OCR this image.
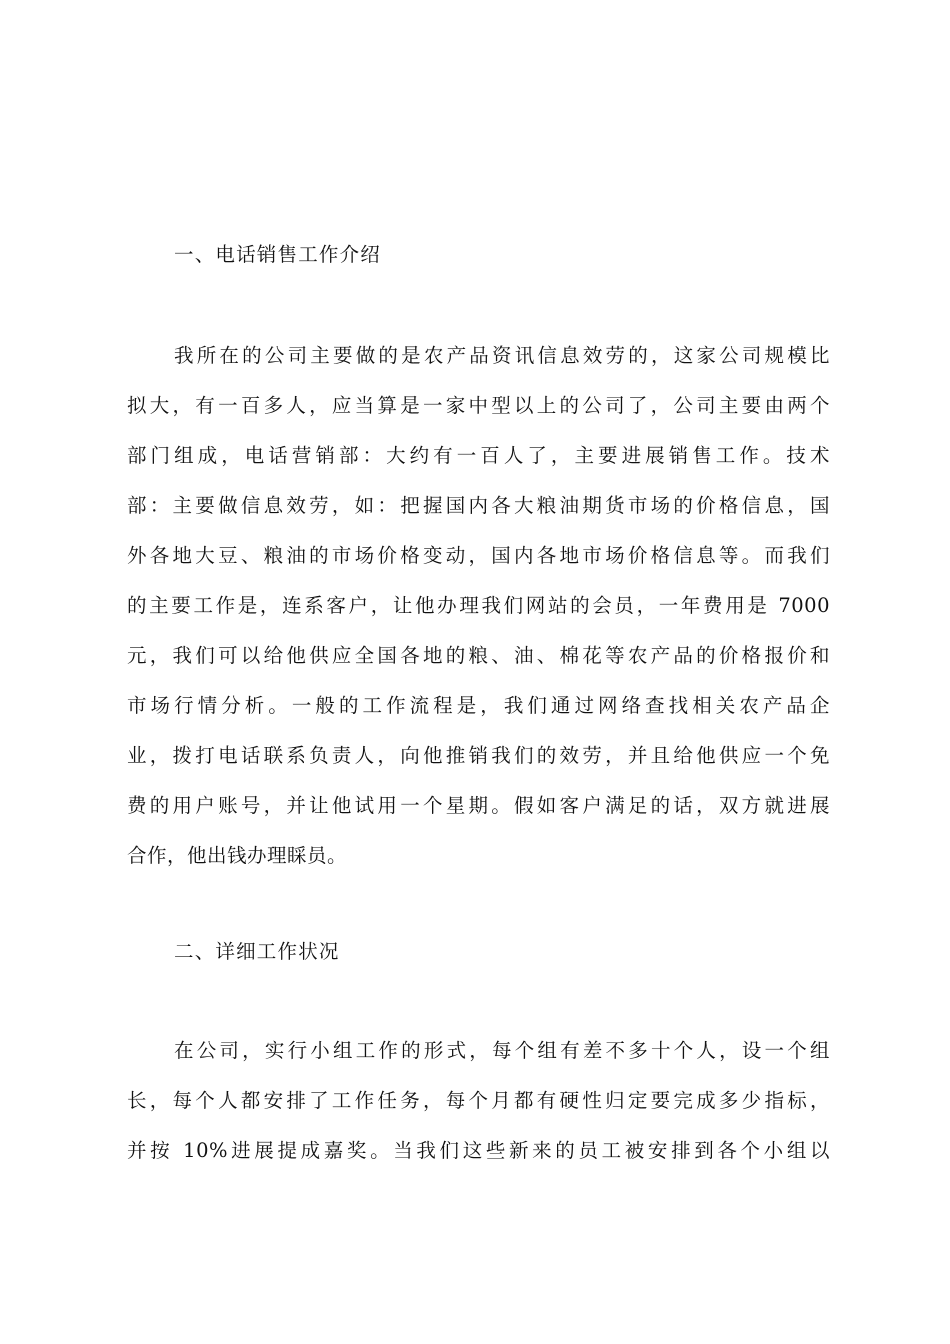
一、电话销售工作介绍
我所在的公司主要做的是农产品资讯信息效劳的，这家公司规模比
拟大，有一百多人，应当算是一家中型以上的公司了，公司主要由两个
部门组成，电话营销部：大约有一百人了，主要进展销售工作。技术
部：主要做信息效劳，如：把握国内各大粮油期货市场的价格信息，国
外各地大豆、粮油的市场价格变动，国内各地市场价格信息等。而我们
的主要工作是，连系客户，让他办理我们网站的会员，一年费用是 7000
元，我们可以给他供应全国各地的粮、油、棉花等农产品的价格报价和
市场行情分析。一般的工作流程是，我们通过网络查找相关农产品企
业，拨打电话联系负责人，向他推销我们的效劳，并且给他供应一个免
费的用户账号，并让他试用一个星期。假如客户满足的话，双方就进展
合作，他出钱办理睬员。
二、详细工作状况
在公司，实行小组工作的形式，每个组有差不多十个人，设一个组
长，每个人都安排了工作任务，每个月都有硬性归定要完成多少指标，
并按 10%进展提成嘉奖。当我们这些新来的员工被安排到各个小组以
